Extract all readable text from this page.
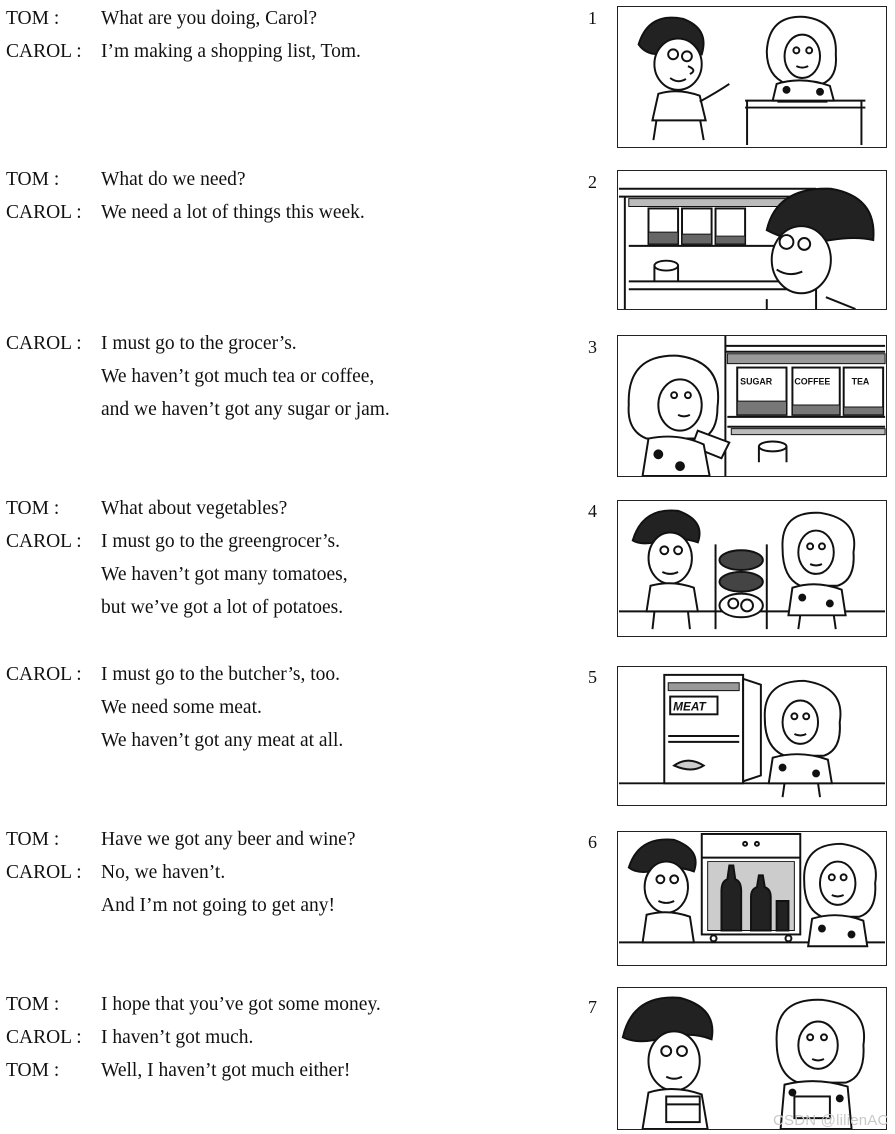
TOM : What are you doing, Carol?
CAROL : I’m making a shopping list, Tom.
TOM : What do we need?
CAROL : We need a lot of things this week.
CAROL : I must go to the grocer’s.
We haven’t got much tea or coffee,
and we haven’t got any sugar or jam.
TOM : What about vegetables?
CAROL : I must go to the greengrocer’s.
We haven’t got many tomatoes,
but we’ve got a lot of potatoes.
CAROL : I must go to the butcher’s, too.
We need some meat.
We haven’t got any meat at all.
TOM : Have we got any beer and wine?
CAROL : No, we haven’t.
And I’m not going to get any!
TOM : I hope that you’ve got some money.
CAROL : I haven’t got much.
TOM : Well, I haven’t got much either!
1
2
3
4
5
6
7
SUGAR COFFEE TEA
MEAT
CSDN @lilienAC
